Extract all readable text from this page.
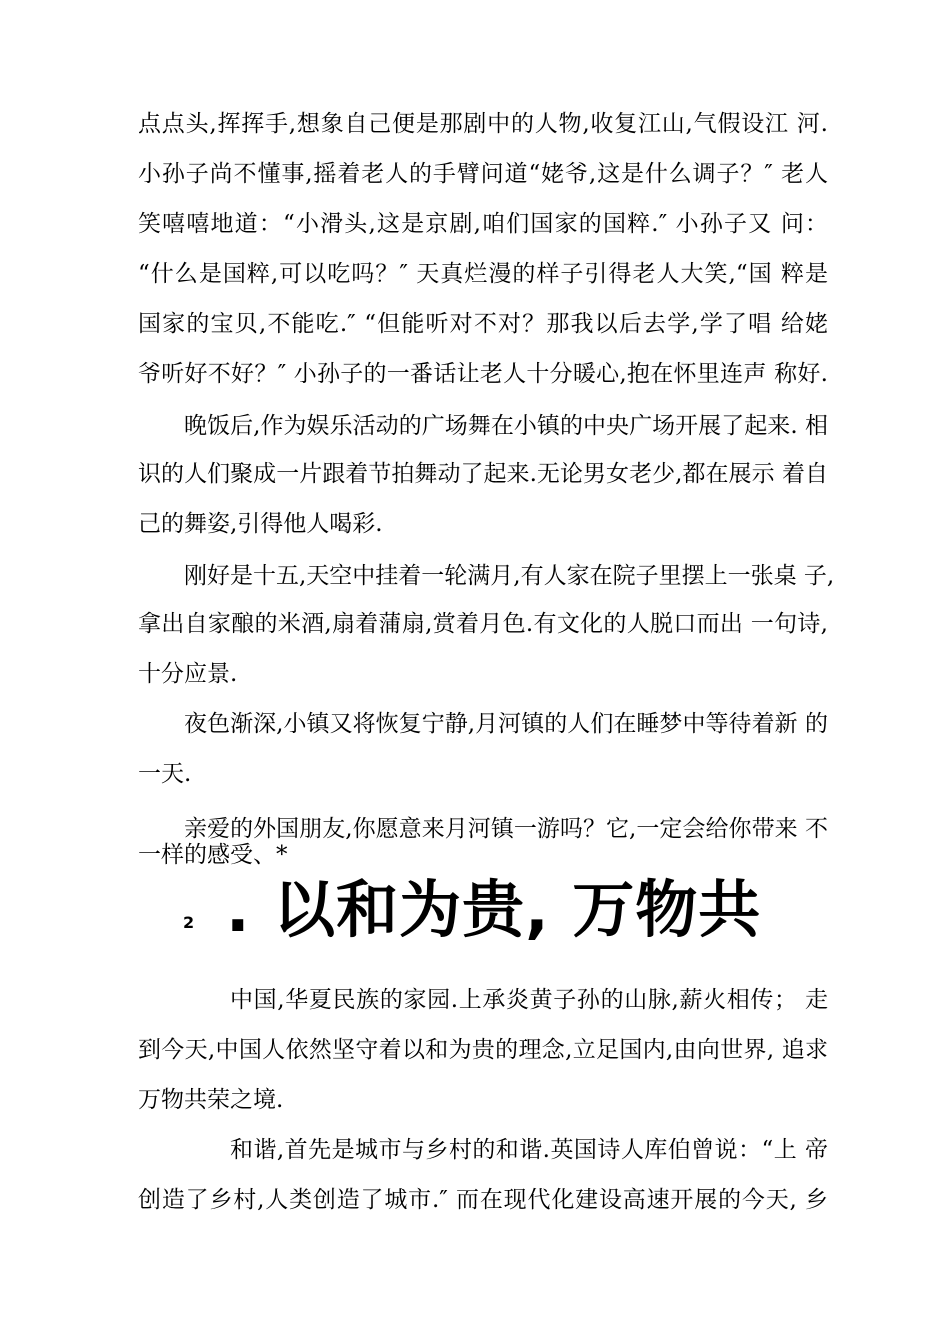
点点头,挥挥手,想象自己便是那剧中的人物,收复江山,气假设江 河.
小孙子尚不懂事,摇着老人的手臂问道“姥爷,这是什么调子？″ 老人
笑嘻嘻地道：“小滑头,这是京剧,咱们国家的国粹.″ 小孙子又 问：
“什么是国粹,可以吃吗？″ 天真烂漫的样子引得老人大笑,“国 粹是
国家的宝贝,不能吃.″ “但能听对不对？那我以后去学,学了唱 给姥
爷听好不好？″ 小孙子的一番话让老人十分暖心,抱在怀里连声 称好.
晚饭后,作为娱乐活动的广场舞在小镇的中央广场开展了起来. 相
识的人们聚成一片跟着节拍舞动了起来.无论男女老少,都在展示 着自
己的舞姿,引得他人喝彩.
刚好是十五,天空中挂着一轮满月,有人家在院子里摆上一张桌 子,
拿出自家酿的米酒,扇着蒲扇,赏着月色.有文化的人脱口而出 一句诗,
十分应景.
夜色渐深,小镇又将恢复宁静,月河镇的人们在睡梦中等待着新 的
一天.
亲爱的外国朋友,你愿意来月河镇一游吗？它,一定会给你带来 不
一样的感受、*
2 . 以和为贵, 万物共
中国,华夏民族的家园.上承炎黄子孙的山脉,薪火相传； 走
到今天,中国人依然坚守着以和为贵的理念,立足国内,由向世界, 追求
万物共荣之境.
和谐,首先是城市与乡村的和谐.英国诗人库伯曾说：“上 帝
创造了乡村,人类创造了城市.″ 而在现代化建设高速开展的今天, 乡
